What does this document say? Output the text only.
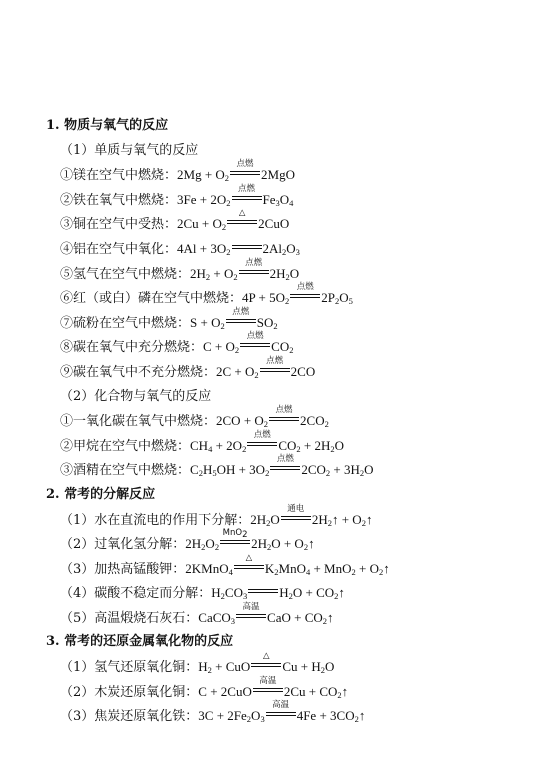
1. 物质与氧气的反应
（1）单质与氧气的反应
①镁在空气中燃烧：$2Mg + O_2$
点燃
2MgO
②铁在氧气中燃烧：$3Fe + 2O_2$
点燃
$Fe_3O_4$
③铜在空气中受热：$2Cu + O_2$
△
2CuO
④铝在空气中氧化：$4Al + 3O_2$ $2Al_2O_3$
⑤氢气在空气中燃烧：$2H_2 + O_2$
点燃
$2H_2O$
⑥红（或白）磷在空气中燃烧：$4P + 5O_2$
点燃
$2P_2O_5$
⑦硫粉在空气中燃烧：$S + O_2$
点燃
$SO_2$
⑧碳在氧气中充分燃烧：$C + O_2$
点燃
$CO_2$
⑨碳在氧气中不充分燃烧：$2C + O_2$
点燃
2CO
（2）化合物与氧气的反应
①一氧化碳在氧气中燃烧：$2CO + O_2$
点燃
$2CO_2$
②甲烷在空气中燃烧：$CH_4 + 2O_2$
点燃
$CO_2 + 2H_2O$
③酒精在空气中燃烧：$C_2H_5OH + 3O_2$
点燃
$2CO_2 + 3H_2O$
2. 常考的分解反应
（1）水在直流电的作用下分解：$2H_2O$
通电
$2H_2↑$ + $O_2↑$
（2）过氧化氢分解：$2H_2O_2$
MnO$_2$
$2H_2O$ + $O_2↑$
（3）加热高锰酸钾：2KMnO$_4$
△
$K_2MnO_4 + MnO_2$ + $O_2↑$
（4）碳酸不稳定而分解：$H_2CO_3$ $H_2O$ + $CO_2↑$
（5）高温煅烧石灰石：CaCO$_3$
高温
CaO + $CO_2↑$
3. 常考的还原金属氧化物的反应
（1）氢气还原氧化铜：$H_2$ + CuO
△
$Cu + H_2O$
（2）木炭还原氧化铜：C + 2CuO
高温
$2Cu + CO_2↑$
（3）焦炭还原氧化铁：$3C + 2Fe_2O_3$
高温
$4Fe + 3CO_2↑$
